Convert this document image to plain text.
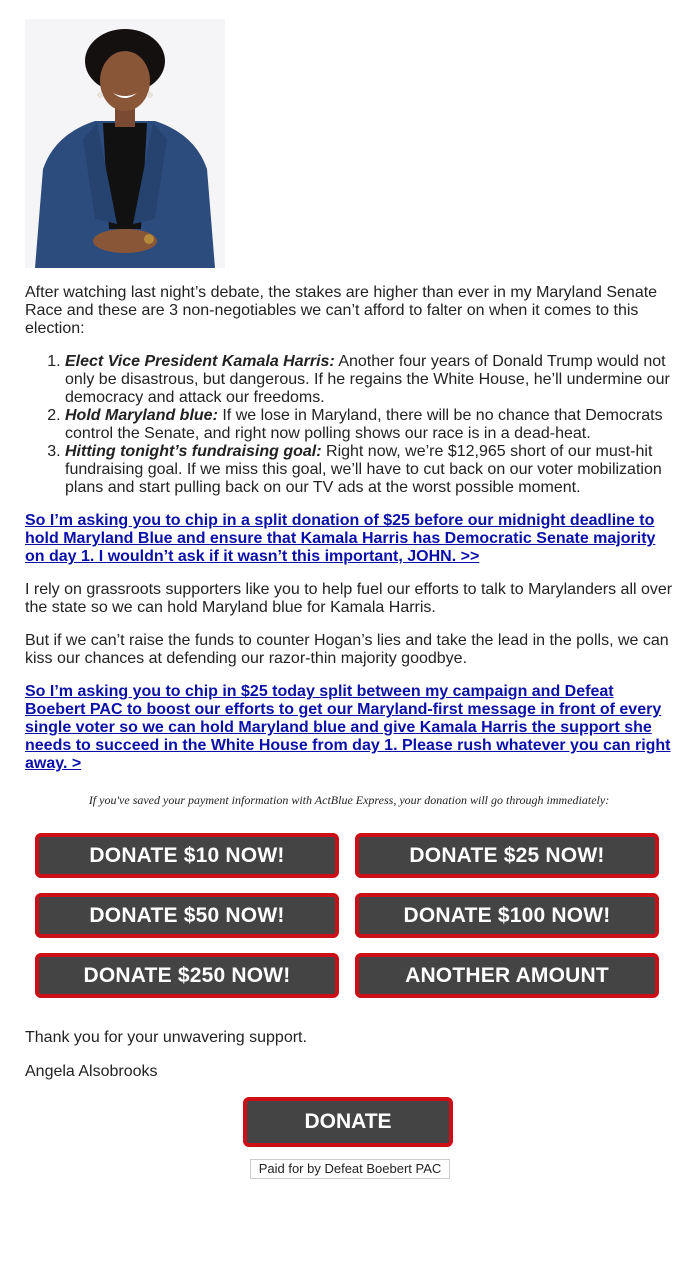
After watching last night’s debate, the stakes are higher than ever in my Maryland Senate Race and these are 3 non-negotiables we can’t afford to falter on when it comes to this election:

1. Elect Vice President Kamala Harris: Another four years of Donald Trump would not only be disastrous, but dangerous. If he regains the White House, he’ll undermine our democracy and attack our freedoms.
2. Hold Maryland blue: If we lose in Maryland, there will be no chance that Democrats control the Senate, and right now polling shows our race is in a dead-heat.
3. Hitting tonight’s fundraising goal: Right now, we’re $12,965 short of our must-hit fundraising goal. If we miss this goal, we’ll have to cut back on our voter mobilization plans and start pulling back on our TV ads at the worst possible moment.
So I’m asking you to chip in a split donation of $25 before our midnight deadline to hold Maryland Blue and ensure that Kamala Harris has Democratic Senate majority on day 1. I wouldn’t ask if it wasn’t this important, JOHN. >>

I rely on grassroots supporters like you to help fuel our efforts to talk to Marylanders all over the state so we can hold Maryland blue for Kamala Harris.

But if we can’t raise the funds to counter Hogan’s lies and take the lead in the polls, we can kiss our chances at defending our razor-thin majority goodbye.

So I’m asking you to chip in $25 today split between my campaign and Defeat Boebert PAC to boost our efforts to get our Maryland-first message in front of every single voter so we can hold Maryland blue and give Kamala Harris the support she needs to succeed in the White House from day 1. Please rush whatever you can right away. >

If you've saved your payment information with ActBlue Express, your donation will go through immediately:

DONATE $10 NOW!	DONATE $25 NOW!
DONATE $50 NOW!	DONATE $100 NOW!
DONATE $250 NOW!	ANOTHER AMOUNT

Thank you for your unwavering support.

Angela Alsobrooks

DONATE
Paid for by Defeat Boebert PAC
